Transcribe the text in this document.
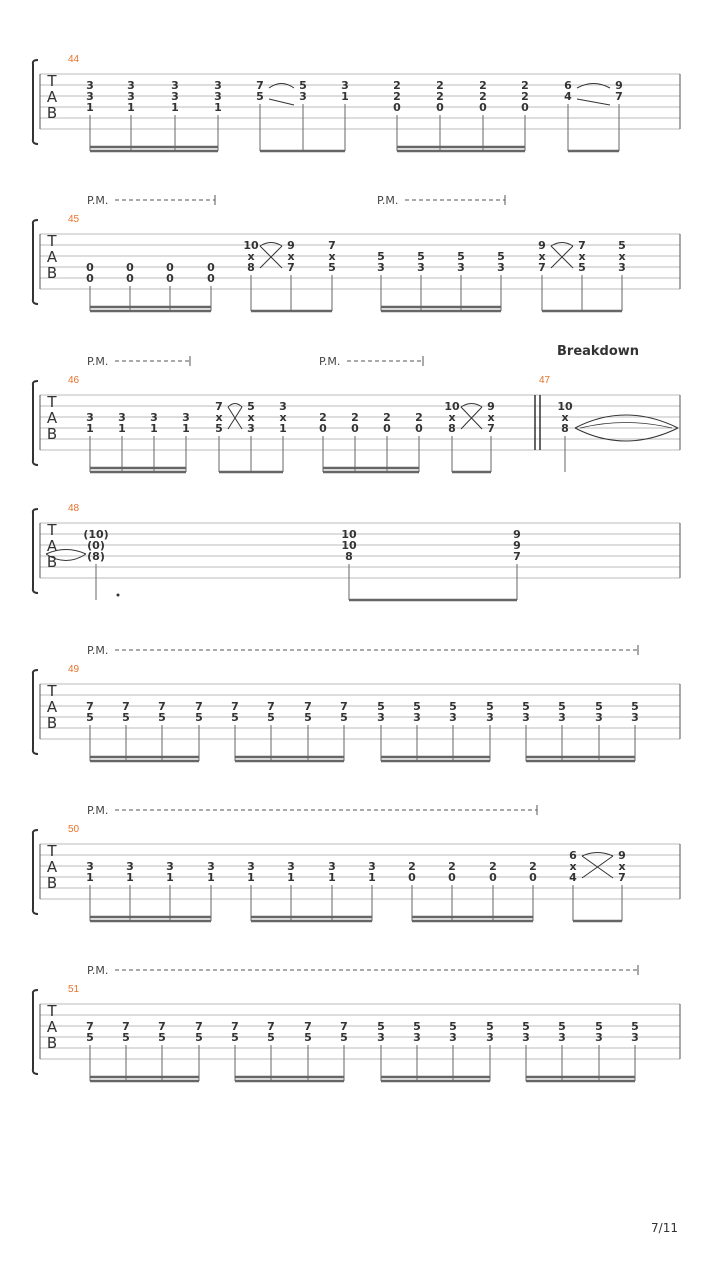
T
A
B
44
3
3
1
3
3
1
3
3
1
3
3
1
7
5
5
3
3
1
2
2
0
2
2
0
2
2
0
2
2
0
6
4
9
7
T
A
B
45
P.M.	P.M.
0
0
0
0
0
0
0
0
10
x
8
9
x
7
7
x
5
5
3
5
3
5
3
5
3
9
x
7
7
x
5
5
x
3
T
A
B
46	47
Breakdown
P.M.	P.M.
3
1
3
1
3
1
3
1
7
x
5
5
x
3
3
x
1
2
0
2
0
2
0
2
0
10
x
8
9
x
7
10
x
8
T
A
B
48
(10)
(0)
(8)
10
10
8
9
9
7
T
A
B
49
P.M.
7
5
7
5
7
5
7
5
7
5
7
5
7
5
7
5
5
3
5
3
5
3
5
3
5
3
5
3
5
3
5
3
T
A
B
50
P.M.
3
1
3
1
3
1
3
1
3
1
3
1
3
1
3
1
2
0
2
0
2
0
2
0
6
x
4
9
x
7
T
A
B
51
P.M.
7
5
7
5
7
5
7
5
7
5
7
5
7
5
7
5
5
3
5
3
5
3
5
3
5
3
5
3
5
3
5
3
7/11
